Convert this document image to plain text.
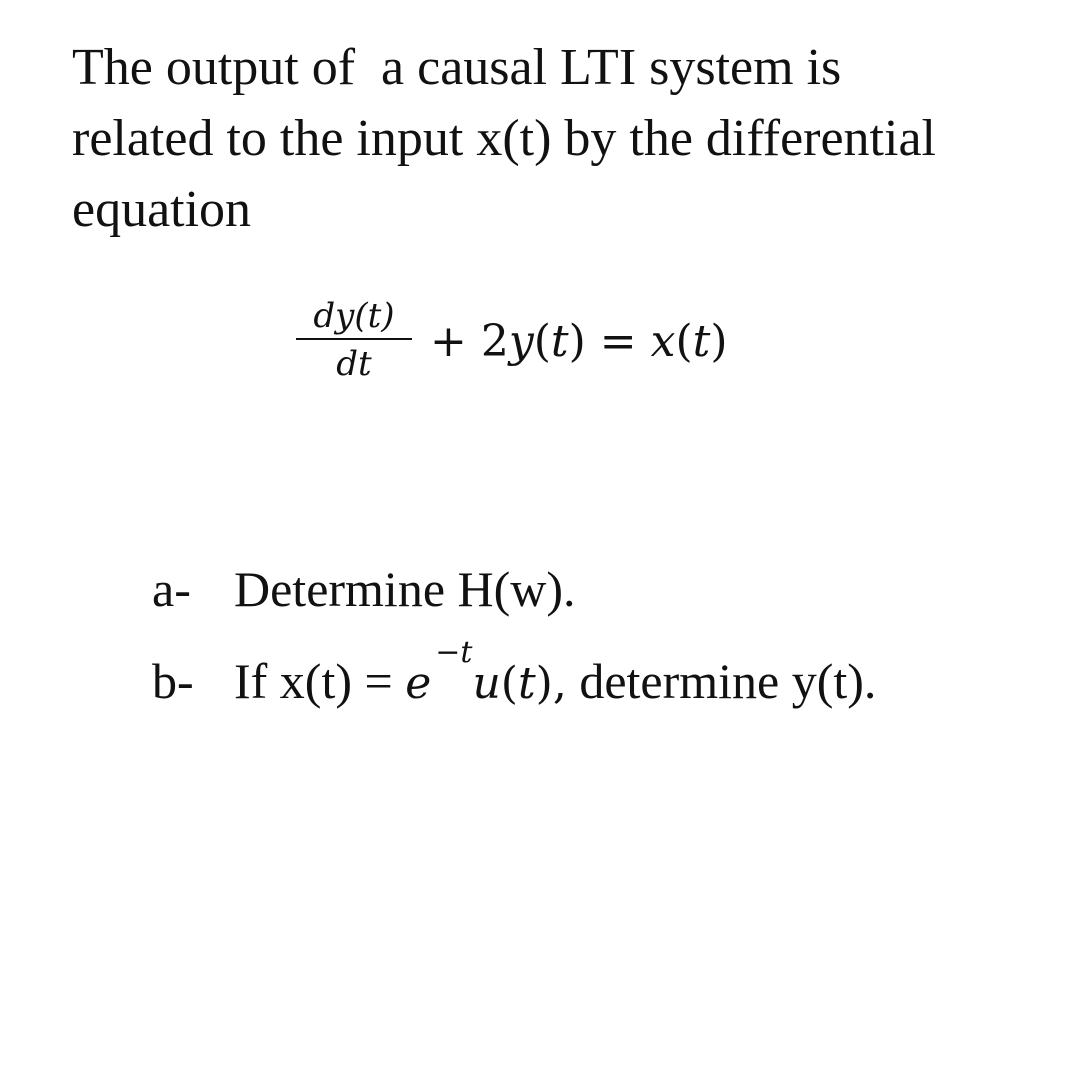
The output of  a causal LTI system is
related to the input x(t) by the differential
equation
dy(t)
dt	+ 2y(t) = x(t)
a- Determine H(w).
b- If $x(t) = e^{-t}u(t)$, determine y(t).
